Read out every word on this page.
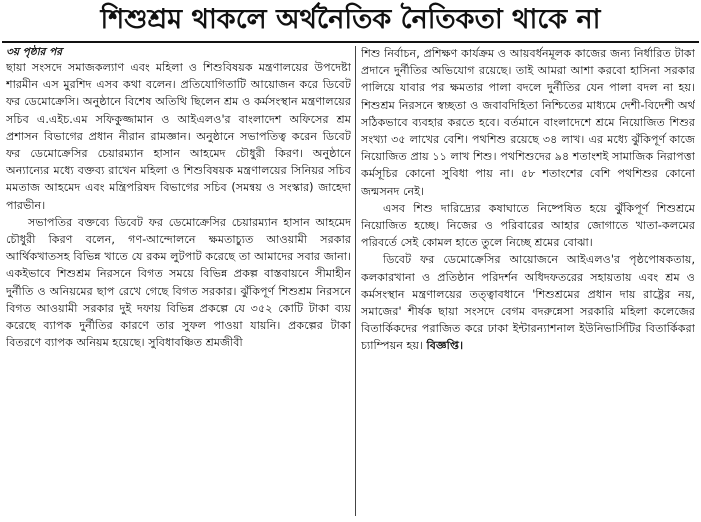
শিশুশ্রম থাকলে অর্থনৈতিক নৈতিকতা থাকে না

৩য় পৃষ্ঠার পর

ছায়া সংসদে সমাজকল্যাণ এবং মহিলা ও শিশুবিষয়ক মন্ত্রণালয়ের উপদেষ্টা শারমীন এস মুরশিদ এসব কথা বলেন। প্রতিযোগিতাটি আয়োজন করে ডিবেট ফর ডেমোক্রেসি। অনুষ্ঠানে বিশেষ অতিথি ছিলেন শ্রম ও কর্মসংস্থান মন্ত্রণালয়ের সচিব এ.এইচ.এম সফিকুজ্জামান ও আইএলও'র বাংলাদেশ অফিসের শ্রম প্রশাসন বিভাগের প্রধান নীরান রামজ্ঞান। অনুষ্ঠানে সভাপতিত্ব করেন ডিবেট ফর ডেমোক্রেসির চেয়ারম্যান হাসান আহমেদ চৌধুরী কিরণ। অনুষ্ঠানে অন্যান্যের মধ্যে বক্তব্য রাখেন মহিলা ও শিশুবিষয়ক মন্ত্রণালয়ের সিনিয়র সচিব মমতাজ আহমেদ এবং মন্ত্রিপরিষদ বিভাগের সচিব (সমন্বয় ও সংস্কার) জাহেদা পারভীন।

সভাপতির বক্তব্যে ডিবেট ফর ডেমোক্রেসির চেয়ারম্যান হাসান আহমেদ চৌধুরী কিরণ বলেন, গণ-আন্দোলনে ক্ষমতাচ্যুত আওয়ামী সরকার আর্থিকখাতসহ বিভিন্ন খাতে যে রকম লুটপাট করেছে তা আমাদের সবার জানা। একইভাবে শিশুশ্রম নিরসনে বিগত সময়ে বিভিন্ন প্রকল্প বাস্তবায়নে সীমাহীন দুর্নীতি ও অনিয়মের ছাপ রেখে গেছে বিগত সরকার। ঝুঁকিপূর্ণ শিশুশ্রম নিরসনে বিগত আওয়ামী সরকার দুই দফায় বিভিন্ন প্রকল্পে যে ৩৫২ কোটি টাকা ব্যয় করেছে ব্যাপক দুর্নীতির কারণে তার সুফল পাওয়া যায়নি। প্রকল্পের টাকা বিতরণে ব্যাপক অনিয়ম হয়েছে। সুবিধাবঞ্চিত শ্রমজীবী

শিশু নির্বাচন, প্রশিক্ষণ কার্যক্রম ও আয়বর্ধনমূলক কাজের জন্য নির্ধারিত টাকা প্রদানে দুর্নীতির অভিযোগ রয়েছে। তাই আমরা আশা করবো হাসিনা সরকার পালিয়ে যাবার পর ক্ষমতার পালা বদলে দুর্নীতির যেন পালা বদল না হয়। শিশুশ্রম নিরসনে স্বচ্ছতা ও জবাবদিহিতা নিশ্চিতের মাধ্যমে দেশী-বিদেশী অর্থ সঠিকভাবে ব্যবহার করতে হবে। বর্তমানে বাংলাদেশে শ্রমে নিয়োজিত শিশুর সংখ্যা ৩৫ লাখের বেশি। পথশিশু রয়েছে ৩৪ লাখ। এর মধ্যে ঝুঁকিপূর্ণ কাজে নিয়োজিত প্রায় ১১ লাখ শিশু। পথশিশুদের ৯৪ শতাংশই সামাজিক নিরাপত্তা কর্মসূচির কোনো সুবিধা পায় না। ৫৮ শতাংশের বেশি পথশিশুর কোনো জন্মসনদ নেই।

এসব শিশু দারিদ্র্যের কষাঘাতে নিষ্পেষিত হয়ে ঝুঁকিপূর্ণ শিশুশ্রমে নিয়োজিত হচ্ছে। নিজের ও পরিবারের আহার জোগাতে খাতা-কলমের পরিবর্তে সেই কোমল হাতে তুলে নিচ্ছে শ্রমের বোঝা।

ডিবেট ফর ডেমোক্রেসির আয়োজনে আইএলও'র পৃষ্ঠপোষকতায়, কলকারখানা ও প্রতিষ্ঠান পরিদর্শন অধিদফতরের সহায়তায় এবং শ্রম ও কর্মসংস্থান মন্ত্রণালয়ের তত্ত্বাবধানে 'শিশুশ্রমের প্রধান দায় রাষ্ট্রের নয়, সমাজের' শীর্ষক ছায়া সংসদে বেগম বদরুন্নেসা সরকারি মহিলা কলেজের বিতার্কিকদের পরাজিত করে ঢাকা ইন্টারন্যাশনাল ইউনিভার্সিটির বিতার্কিকরা চ্যাম্পিয়ন হয়। বিজ্ঞপ্তি।
